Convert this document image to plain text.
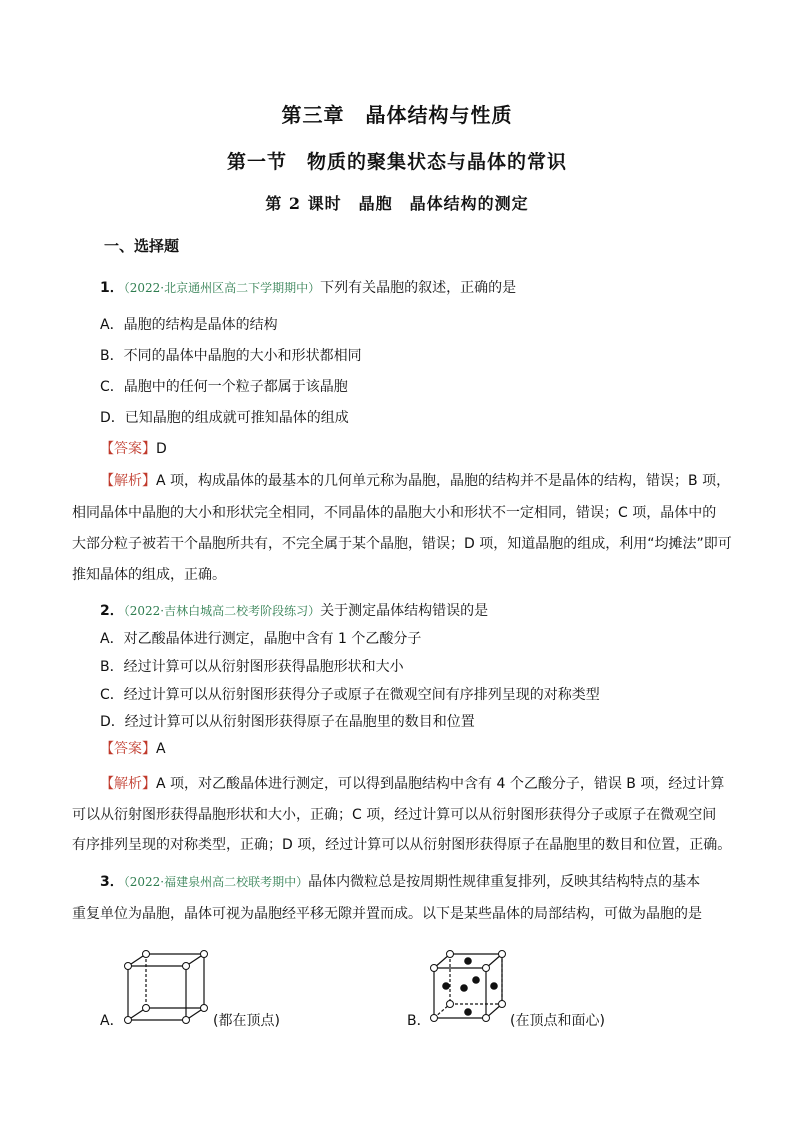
第三章　晶体结构与性质
第一节　物质的聚集状态与晶体的常识
第 2 课时　晶胞　晶体结构的测定
一、选择题
1．（2022·北京通州区高二下学期期中）下列有关晶胞的叙述，正确的是
A．晶胞的结构是晶体的结构
B．不同的晶体中晶胞的大小和形状都相同
C．晶胞中的任何一个粒子都属于该晶胞
D．已知晶胞的组成就可推知晶体的组成
【答案】D
【解析】A 项，构成晶体的最基本的几何单元称为晶胞，晶胞的结构并不是晶体的结构，错误；B 项，
相同晶体中晶胞的大小和形状完全相同，不同晶体的晶胞大小和形状不一定相同，错误；C 项，晶体中的
大部分粒子被若干个晶胞所共有，不完全属于某个晶胞，错误；D 项，知道晶胞的组成，利用“均摊法”即可
推知晶体的组成，正确。
2．（2022·吉林白城高二校考阶段练习）关于测定晶体结构错误的是
A．对乙酸晶体进行测定，晶胞中含有 1 个乙酸分子
B．经过计算可以从衍射图形获得晶胞形状和大小
C．经过计算可以从衍射图形获得分子或原子在微观空间有序排列呈现的对称类型
D．经过计算可以从衍射图形获得原子在晶胞里的数目和位置
【答案】A
【解析】A 项，对乙酸晶体进行测定，可以得到晶胞结构中含有 4 个乙酸分子，错误 B 项，经过计算
可以从衍射图形获得晶胞形状和大小，正确；C 项，经过计算可以从衍射图形获得分子或原子在微观空间
有序排列呈现的对称类型，正确；D 项，经过计算可以从衍射图形获得原子在晶胞里的数目和位置，正确。
3．（2022·福建泉州高二校联考期中）晶体内微粒总是按周期性规律重复排列，反映其结构特点的基本
重复单位为晶胞，晶体可视为晶胞经平移无隙并置而成。以下是某些晶体的局部结构，可做为晶胞的是
A．	(都在顶点)	B．	(在顶点和面心)
